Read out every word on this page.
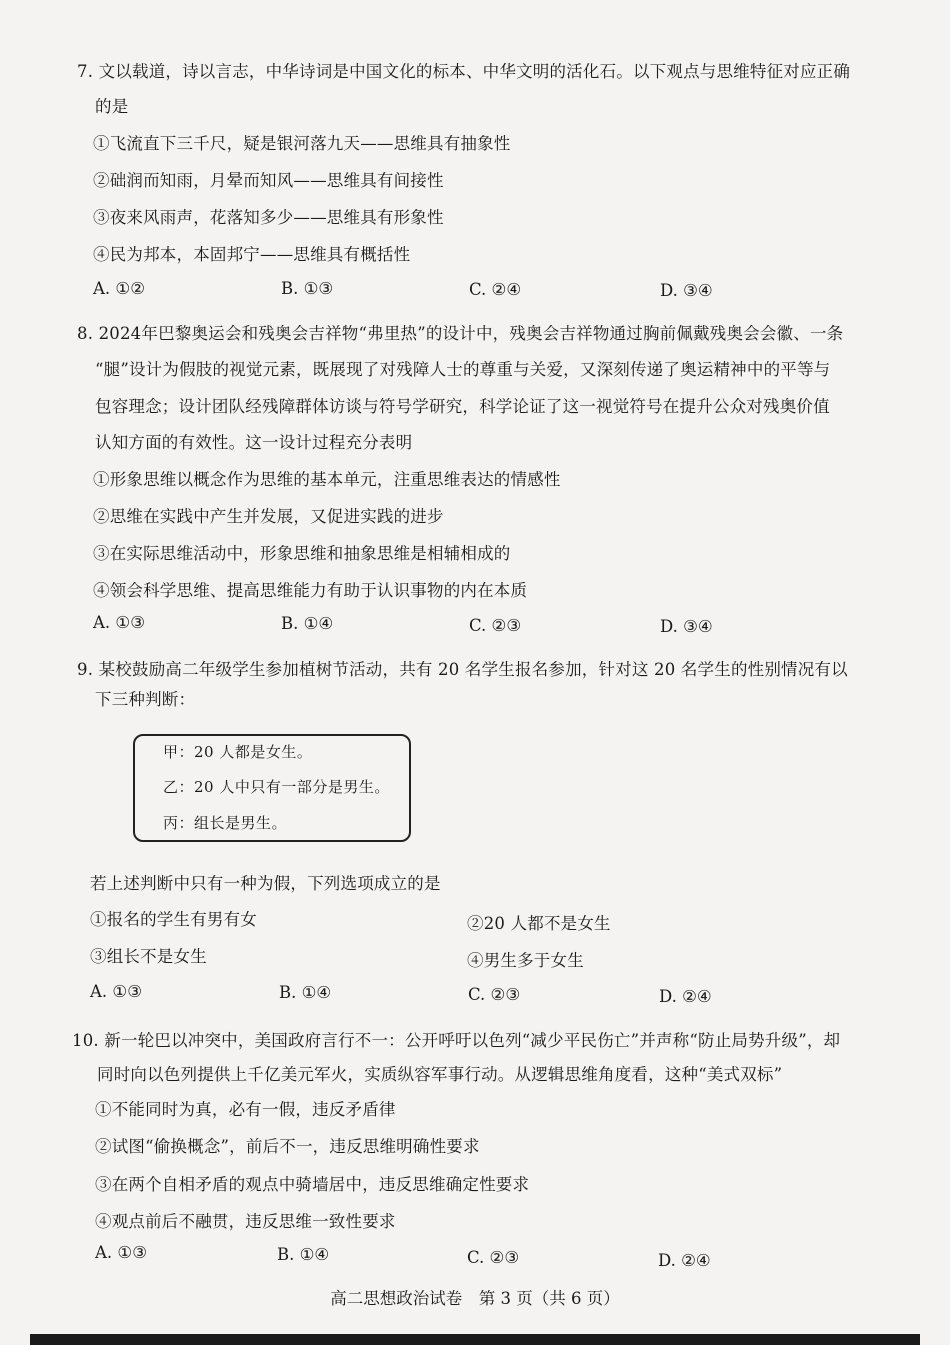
7. 文以载道，诗以言志，中华诗词是中国文化的标本、中华文明的活化石。以下观点与思维特征对应正确
的是
①飞流直下三千尺，疑是银河落九天——思维具有抽象性
②础润而知雨，月晕而知风——思维具有间接性
③夜来风雨声，花落知多少——思维具有形象性
④民为邦本，本固邦宁——思维具有概括性
A. ①②	B. ①③	C. ②④	D. ③④
8. 2024年巴黎奥运会和残奥会吉祥物“弗里热”的设计中，残奥会吉祥物通过胸前佩戴残奥会会徽、一条
“腿”设计为假肢的视觉元素，既展现了对残障人士的尊重与关爱，又深刻传递了奥运精神中的平等与
包容理念；设计团队经残障群体访谈与符号学研究，科学论证了这一视觉符号在提升公众对残奥价值
认知方面的有效性。这一设计过程充分表明
①形象思维以概念作为思维的基本单元，注重思维表达的情感性
②思维在实践中产生并发展，又促进实践的进步
③在实际思维活动中，形象思维和抽象思维是相辅相成的
④领会科学思维、提高思维能力有助于认识事物的内在本质
A. ①③	B. ①④	C. ②③	D. ③④
9. 某校鼓励高二年级学生参加植树节活动，共有 20 名学生报名参加，针对这 20 名学生的性别情况有以
下三种判断：
甲：20 人都是女生。
乙：20 人中只有一部分是男生。
丙：组长是男生。
若上述判断中只有一种为假，下列选项成立的是
①报名的学生有男有女	②20 人都不是女生
③组长不是女生	④男生多于女生
A. ①③	B. ①④	C. ②③	D. ②④
10. 新一轮巴以冲突中，美国政府言行不一：公开呼吁以色列“减少平民伤亡”并声称“防止局势升级”，却
同时向以色列提供上千亿美元军火，实质纵容军事行动。从逻辑思维角度看，这种“美式双标”
①不能同时为真，必有一假，违反矛盾律
②试图“偷换概念”，前后不一，违反思维明确性要求
③在两个自相矛盾的观点中骑墙居中，违反思维确定性要求
④观点前后不融贯，违反思维一致性要求
A. ①③	B. ①④	C. ②③	D. ②④
高二思想政治试卷　第 3 页（共 6 页）
